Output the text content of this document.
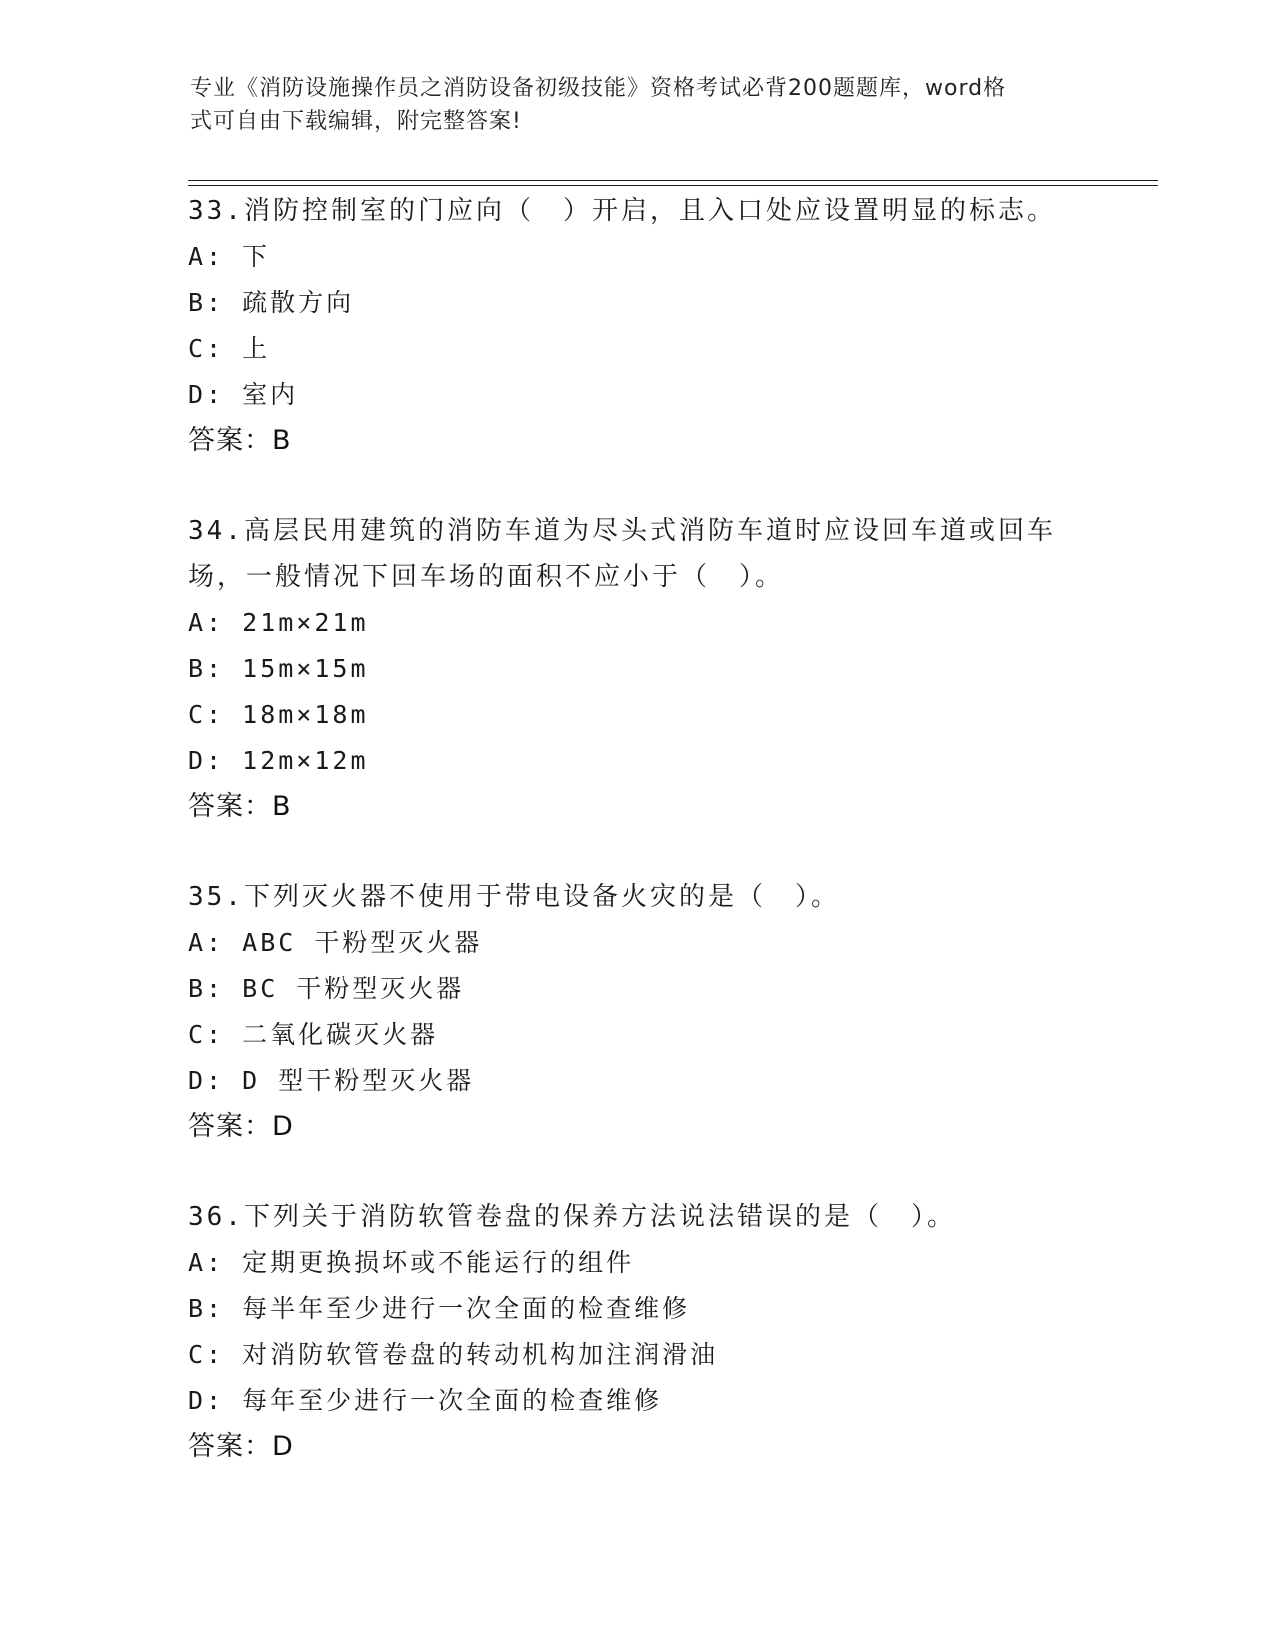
专业《消防设施操作员之消防设备初级技能》资格考试必背200题题库，word格
式可自由下载编辑，附完整答案!

33.消防控制室的门应向（　）开启，且入口处应设置明显的标志。

A: 下

B: 疏散方向

C: 上

D: 室内

答案：B

34.高层民用建筑的消防车道为尽头式消防车道时应设回车道或回车场，一般情况下回车场的面积不应小于（　）。

A: 21m×21m

B: 15m×15m

C: 18m×18m

D: 12m×12m

答案：B

35.下列灭火器不使用于带电设备火灾的是（　）。

A: ABC 干粉型灭火器

B: BC 干粉型灭火器

C: 二氧化碳灭火器

D: D 型干粉型灭火器

答案：D

36.下列关于消防软管卷盘的保养方法说法错误的是（　）。

A: 定期更换损坏或不能运行的组件

B: 每半年至少进行一次全面的检查维修

C: 对消防软管卷盘的转动机构加注润滑油

D: 每年至少进行一次全面的检查维修

答案：D
